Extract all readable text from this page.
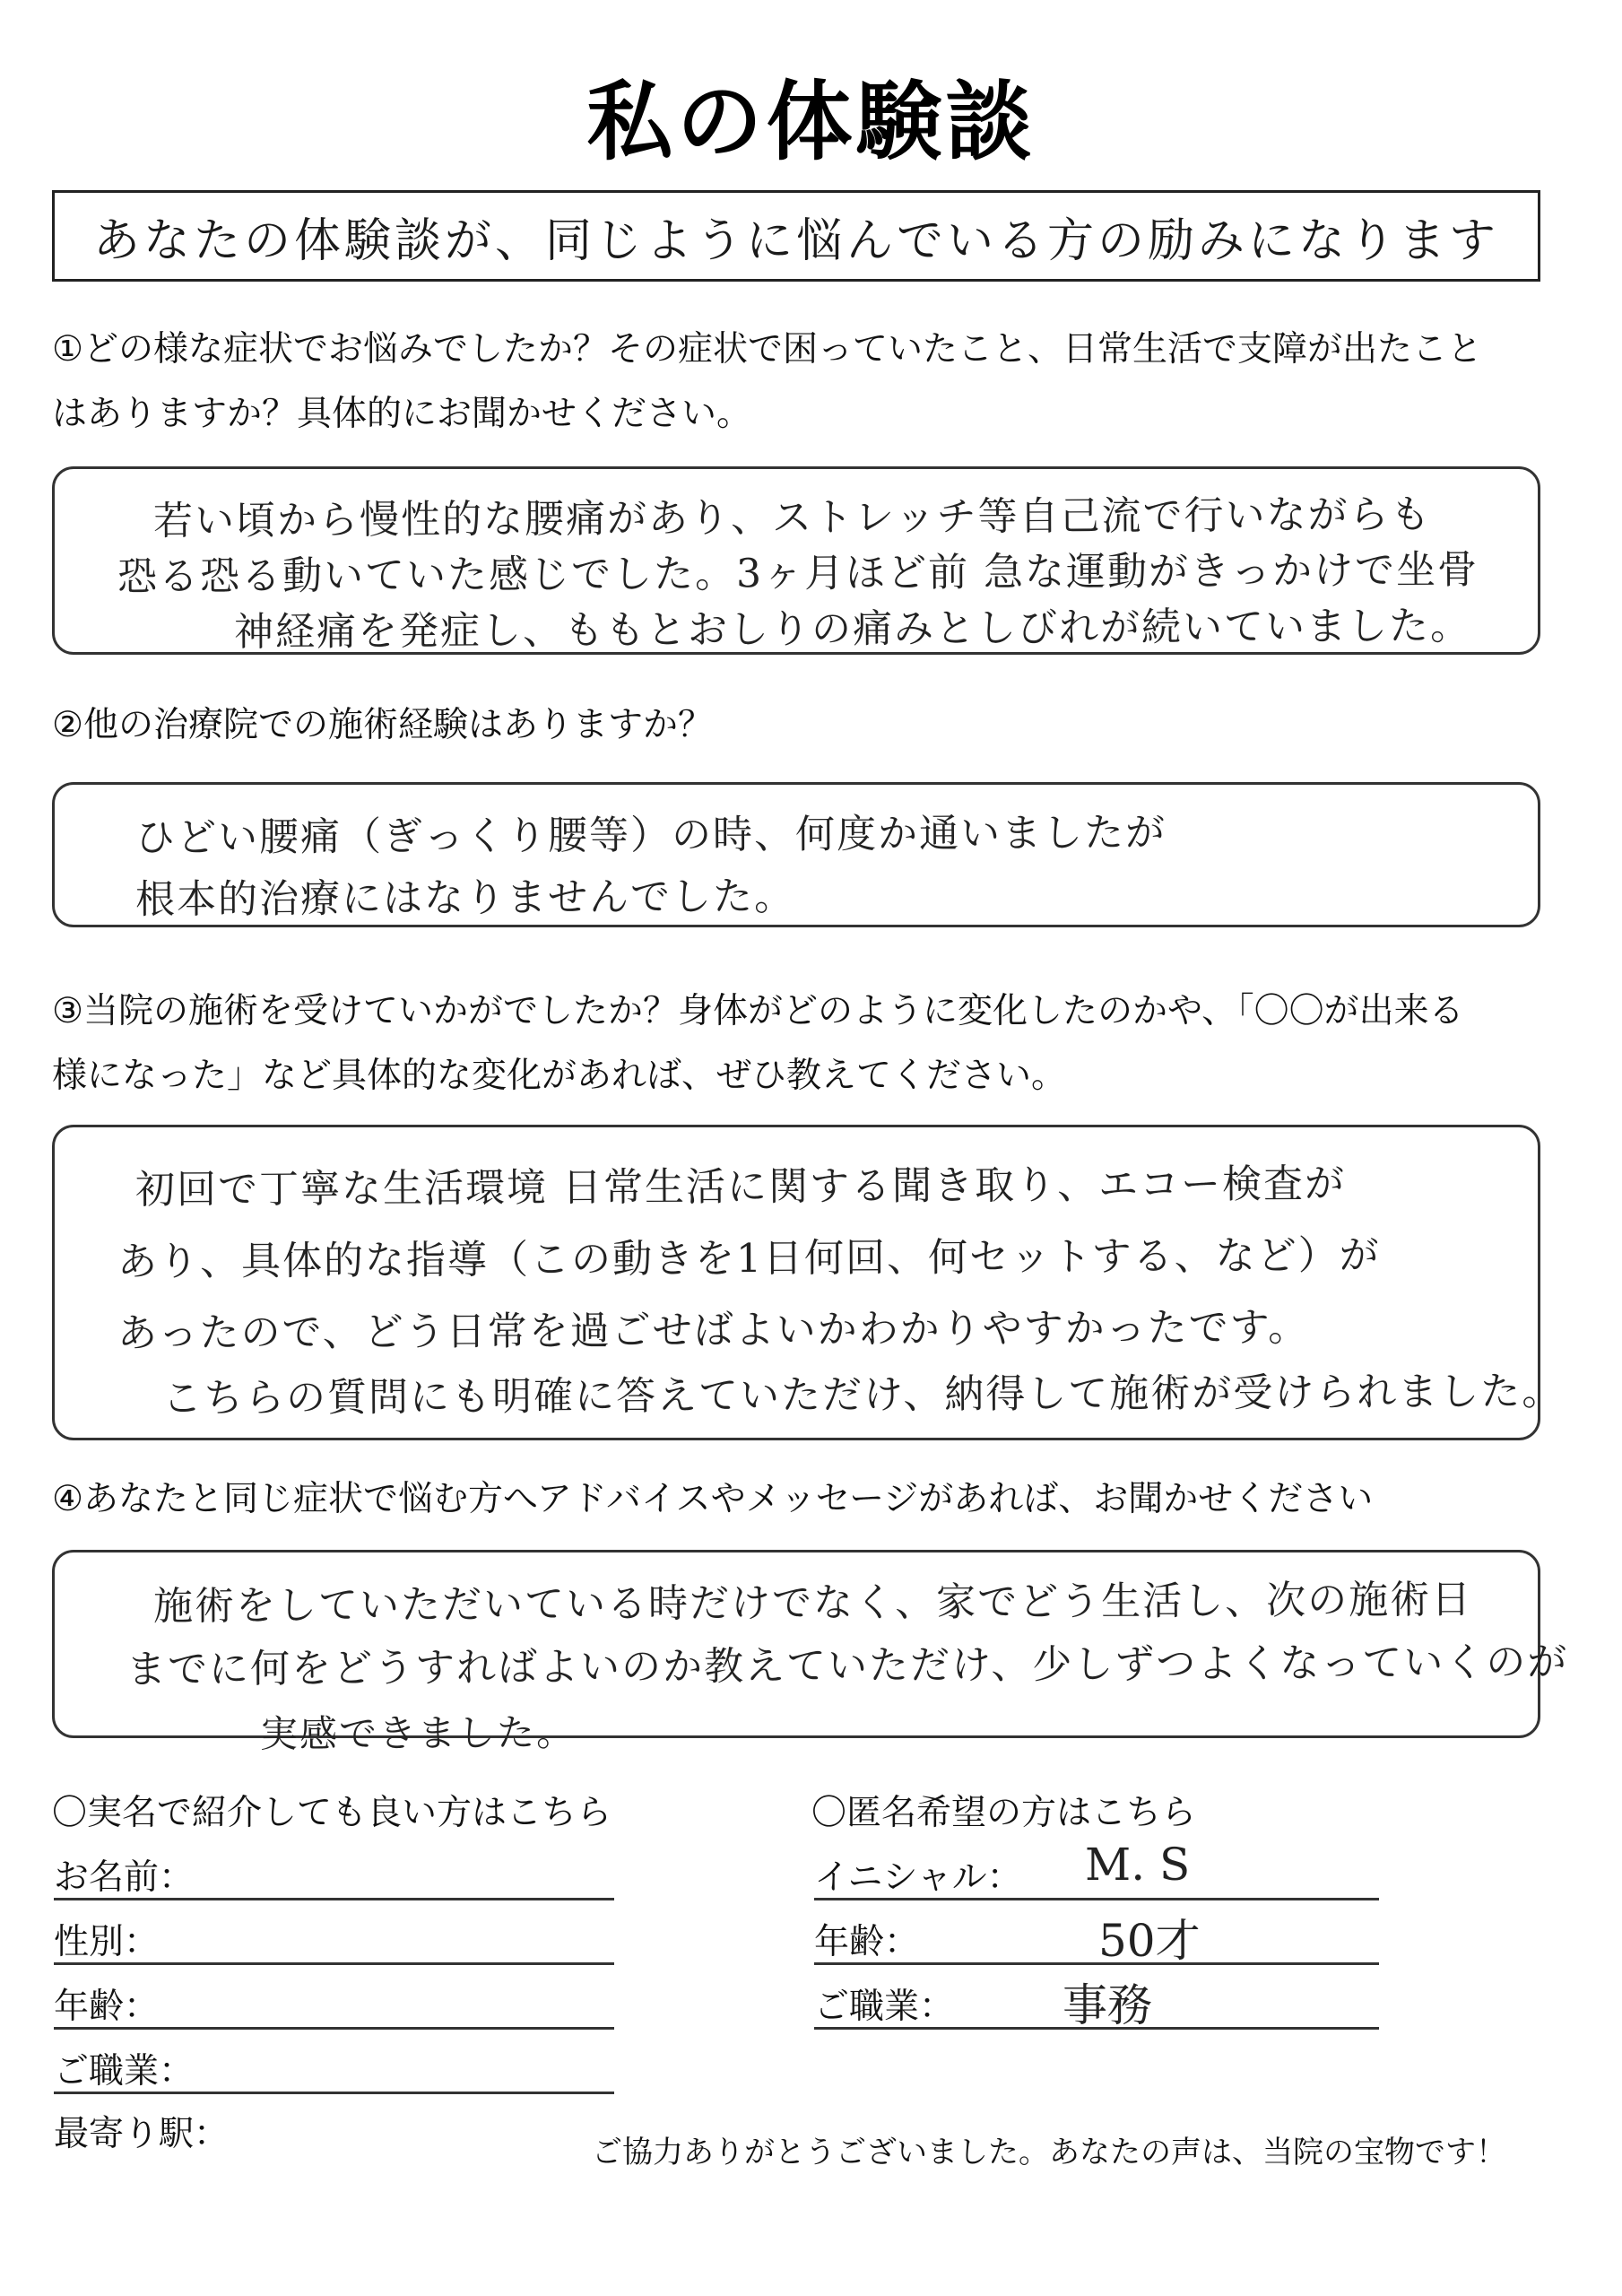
私の体験談
あなたの体験談が、同じように悩んでいる方の励みになります
①どの様な症状でお悩みでしたか？その症状で困っていたこと、日常生活で支障が出たこと
はありますか？具体的にお聞かせください。
若い頃から慢性的な腰痛があり、ストレッチ等自己流で行いながらも
恐る恐る動いていた感じでした。3ヶ月ほど前 急な運動がきっかけで坐骨
神経痛を発症し、ももとおしりの痛みとしびれが続いていました。
②他の治療院での施術経験はありますか？
ひどい腰痛（ぎっくり腰等）の時、何度か通いましたが
根本的治療にはなりませんでした。
③当院の施術を受けていかがでしたか？身体がどのように変化したのかや、「〇〇が出来る
様になった」など具体的な変化があれば、ぜひ教えてください。
初回で丁寧な生活環境 日常生活に関する聞き取り、エコー検査が
あり、具体的な指導（この動きを1日何回、何セットする、など）が
あったので、どう日常を過ごせばよいかわかりやすかったです。
こちらの質問にも明確に答えていただけ、納得して施術が受けられました。
④あなたと同じ症状で悩む方へアドバイスやメッセージがあれば、お聞かせください
施術をしていただいている時だけでなく、家でどう生活し、次の施術日
までに何をどうすればよいのか教えていただけ、少しずつよくなっていくのが
実感できました。
〇実名で紹介しても良い方はこちら
お名前：
性別：
年齢：
ご職業：
最寄り駅：
〇匿名希望の方はこちら
イニシャル： M. S
年齢：	50才
ご職業： 事務
ご協力ありがとうございました。あなたの声は、当院の宝物です！
